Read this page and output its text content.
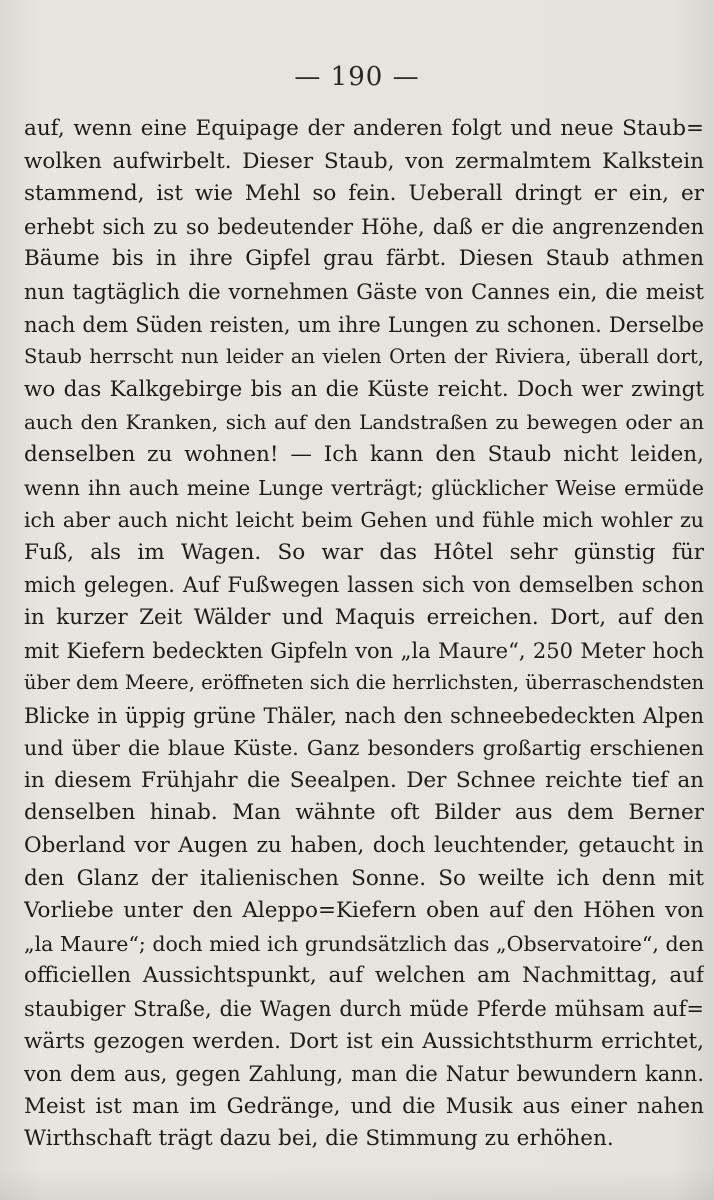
— 190 —
auf, wenn eine Equipage der anderen folgt und neue Staub=
wolken aufwirbelt. Dieser Staub, von zermalmtem Kalkstein
stammend, ist wie Mehl so fein. Ueberall dringt er ein, er
erhebt sich zu so bedeutender Höhe, daß er die angrenzenden
Bäume bis in ihre Gipfel grau färbt. Diesen Staub athmen
nun tagtäglich die vornehmen Gäste von Cannes ein, die meist
nach dem Süden reisten, um ihre Lungen zu schonen. Derselbe
Staub herrscht nun leider an vielen Orten der Riviera, überall dort,
wo das Kalkgebirge bis an die Küste reicht. Doch wer zwingt
auch den Kranken, sich auf den Landstraßen zu bewegen oder an
denselben zu wohnen! — Ich kann den Staub nicht leiden,
wenn ihn auch meine Lunge verträgt; glücklicher Weise ermüde
ich aber auch nicht leicht beim Gehen und fühle mich wohler zu
Fuß, als im Wagen. So war das Hôtel sehr günstig für
mich gelegen. Auf Fußwegen lassen sich von demselben schon
in kurzer Zeit Wälder und Maquis erreichen. Dort, auf den
mit Kiefern bedeckten Gipfeln von „la Maure“, 250 Meter hoch
über dem Meere, eröffneten sich die herrlichsten, überraschendsten
Blicke in üppig grüne Thäler, nach den schneebedeckten Alpen
und über die blaue Küste. Ganz besonders großartig erschienen
in diesem Frühjahr die Seealpen. Der Schnee reichte tief an
denselben hinab. Man wähnte oft Bilder aus dem Berner
Oberland vor Augen zu haben, doch leuchtender, getaucht in
den Glanz der italienischen Sonne. So weilte ich denn mit
Vorliebe unter den Aleppo=Kiefern oben auf den Höhen von
„la Maure“; doch mied ich grundsätzlich das „Observatoire“, den
officiellen Aussichtspunkt, auf welchen am Nachmittag, auf
staubiger Straße, die Wagen durch müde Pferde mühsam auf=
wärts gezogen werden. Dort ist ein Aussichtsthurm errichtet,
von dem aus, gegen Zahlung, man die Natur bewundern kann.
Meist ist man im Gedränge, und die Musik aus einer nahen
Wirthschaft trägt dazu bei, die Stimmung zu erhöhen.
